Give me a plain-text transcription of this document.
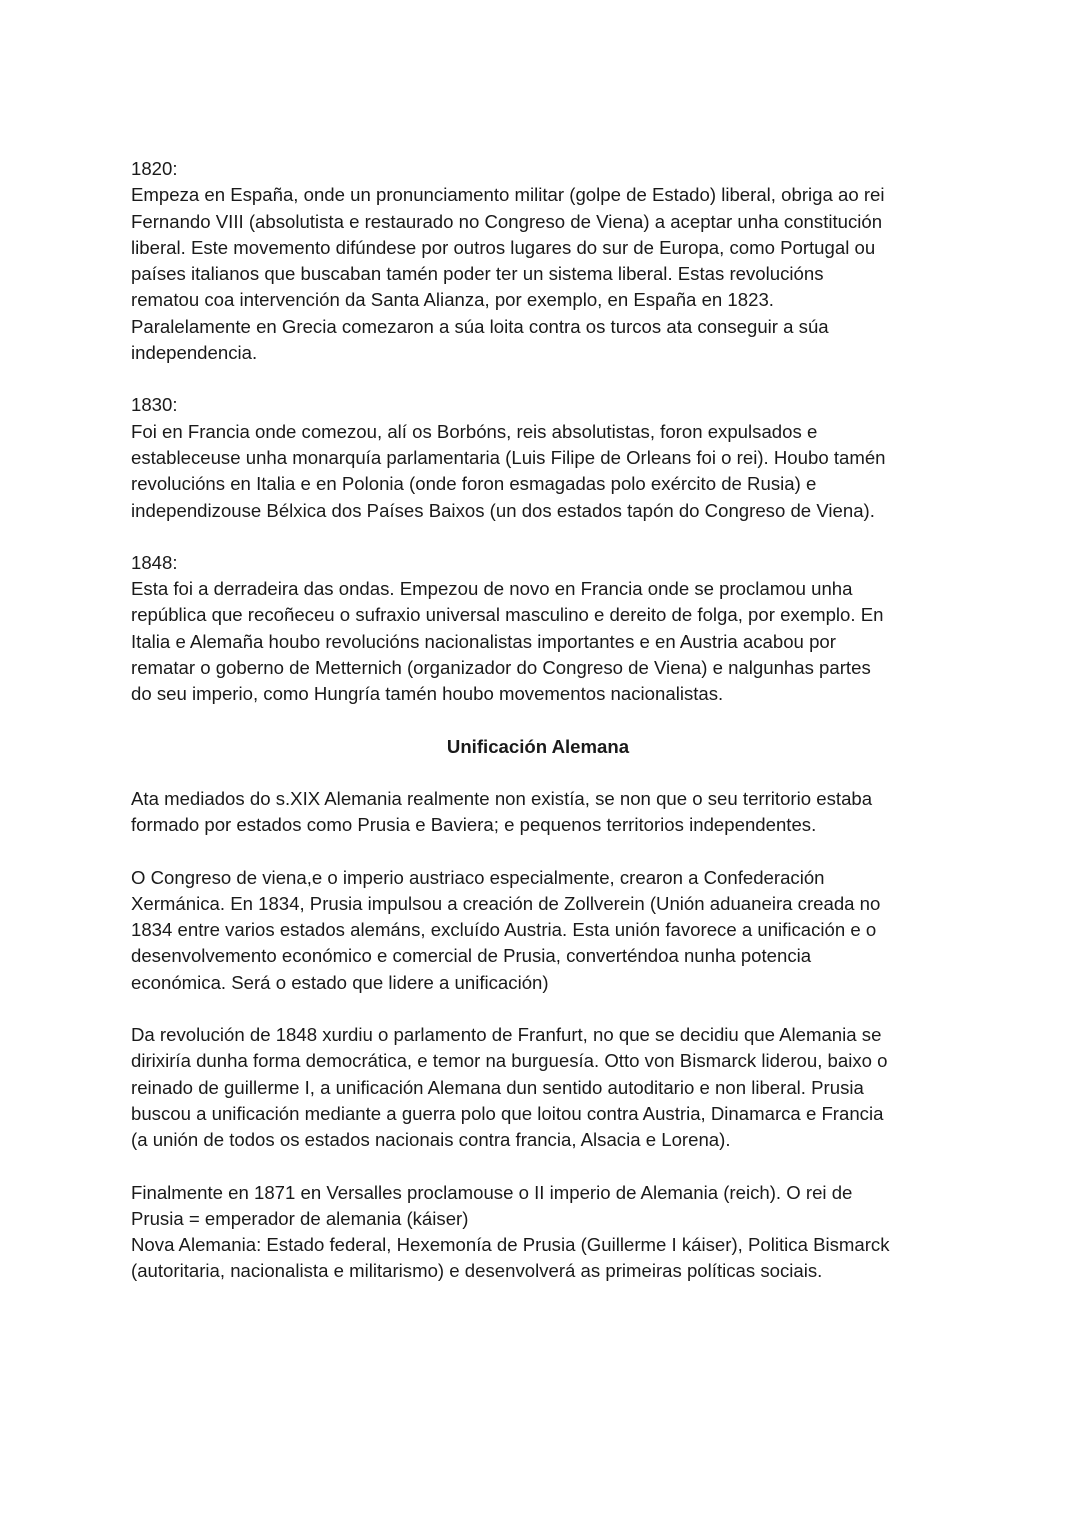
1820:
Empeza en España, onde un pronunciamento militar (golpe de Estado) liberal, obriga ao rei
Fernando VIII (absolutista e restaurado no Congreso de Viena) a aceptar unha constitución
liberal. Este movemento difúndese por outros lugares do sur de Europa, como Portugal ou
países italianos que buscaban tamén poder ter un sistema liberal. Estas revolucións
rematou coa intervención da Santa Alianza, por exemplo, en España en 1823.
Paralelamente en Grecia comezaron a súa loita contra os turcos ata conseguir a súa
independencia.
1830:
Foi en Francia onde comezou, alí os Borbóns, reis absolutistas, foron expulsados e
estableceuse unha monarquía parlamentaria (Luis Filipe de Orleans foi o rei). Houbo tamén
revolucións en Italia e en Polonia (onde foron esmagadas polo exército de Rusia) e
independizouse Bélxica dos Países Baixos (un dos estados tapón do Congreso de Viena).
1848:
Esta foi a derradeira das ondas. Empezou de novo en Francia onde se proclamou unha
república que recoñeceu o sufraxio universal masculino e dereito de folga, por exemplo. En
Italia e Alemaña houbo revolucións nacionalistas importantes e en Austria acabou por
rematar o goberno de Metternich (organizador do Congreso de Viena) e nalgunhas partes
do seu imperio, como Hungría tamén houbo movementos nacionalistas.
Unificación Alemana
Ata mediados do s.XIX Alemania realmente non existía, se non que o seu territorio estaba
formado por estados como Prusia e Baviera; e pequenos territorios independentes.
O Congreso de viena,e o imperio austriaco especialmente, crearon a Confederación
Xermánica. En 1834, Prusia impulsou a creación de Zollverein (Unión aduaneira creada no
1834 entre varios estados alemáns, excluído Austria. Esta unión favorece a unificación e o
desenvolvemento económico e comercial de Prusia, converténdoa nunha potencia
económica. Será o estado que lidere a unificación)
Da revolución de 1848 xurdiu o parlamento de Franfurt, no que se decidiu que Alemania se
dirixiría dunha forma democrática, e temor na burguesía. Otto von Bismarck liderou, baixo o
reinado de guillerme I, a unificación Alemana dun sentido autoditario e non liberal. Prusia
buscou a unificación mediante a guerra polo que loitou contra Austria, Dinamarca e Francia
(a unión de todos os estados nacionais contra francia, Alsacia e Lorena).
Finalmente en 1871 en Versalles proclamouse o II imperio de Alemania (reich). O rei de
Prusia = emperador de alemania (káiser)
Nova Alemania: Estado federal, Hexemonía de Prusia (Guillerme I káiser), Politica Bismarck
(autoritaria, nacionalista e militarismo) e desenvolverá as primeiras políticas sociais.
